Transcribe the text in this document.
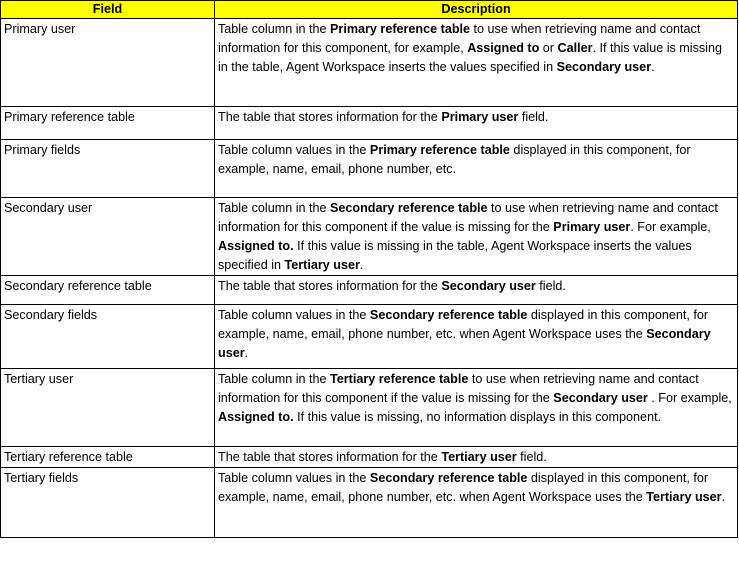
Field	Description
Primary user	Table column in the Primary reference table to use when retrieving name and contact information for this component, for example, Assigned to or Caller. If this value is missing in the table, Agent Workspace inserts the values specified in Secondary user.
Primary reference table	The table that stores information for the Primary user field.
Primary fields	Table column values in the Primary reference table displayed in this component, for example, name, email, phone number, etc.
Secondary user	Table column in the Secondary reference table to use when retrieving name and contact information for this component if the value is missing for the Primary user. For example, Assigned to. If this value is missing in the table, Agent Workspace inserts the values specified in Tertiary user.
Secondary reference table	The table that stores information for the Secondary user field.
Secondary fields	Table column values in the Secondary reference table displayed in this component, for example, name, email, phone number, etc. when Agent Workspace uses the Secondary user.
Tertiary user	Table column in the Tertiary reference table to use when retrieving name and contact information for this component if the value is missing for the Secondary user . For example, Assigned to. If this value is missing, no information displays in this component.
Tertiary reference table	The table that stores information for the Tertiary user field.
Tertiary fields	Table column values in the Secondary reference table displayed in this component, for example, name, email, phone number, etc. when Agent Workspace uses the Tertiary user.
